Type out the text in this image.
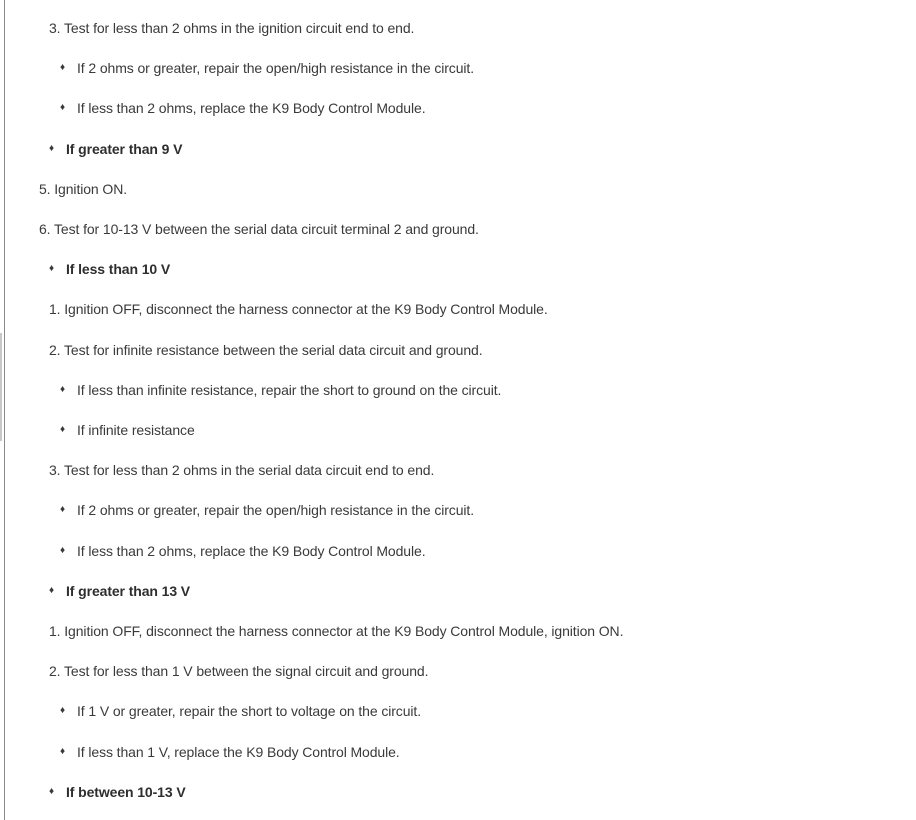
3. Test for less than 2 ohms in the ignition circuit end to end.
♦ If 2 ohms or greater, repair the open/high resistance in the circuit.
♦ If less than 2 ohms, replace the K9 Body Control Module.
♦ If greater than 9 V
5. Ignition ON.
6. Test for 10-13 V between the serial data circuit terminal 2 and ground.
♦ If less than 10 V
1. Ignition OFF, disconnect the harness connector at the K9 Body Control Module.
2. Test for infinite resistance between the serial data circuit and ground.
♦ If less than infinite resistance, repair the short to ground on the circuit.
♦ If infinite resistance
3. Test for less than 2 ohms in the serial data circuit end to end.
♦ If 2 ohms or greater, repair the open/high resistance in the circuit.
♦ If less than 2 ohms, replace the K9 Body Control Module.
♦ If greater than 13 V
1. Ignition OFF, disconnect the harness connector at the K9 Body Control Module, ignition ON.
2. Test for less than 1 V between the signal circuit and ground.
♦ If 1 V or greater, repair the short to voltage on the circuit.
♦ If less than 1 V, replace the K9 Body Control Module.
♦ If between 10-13 V
